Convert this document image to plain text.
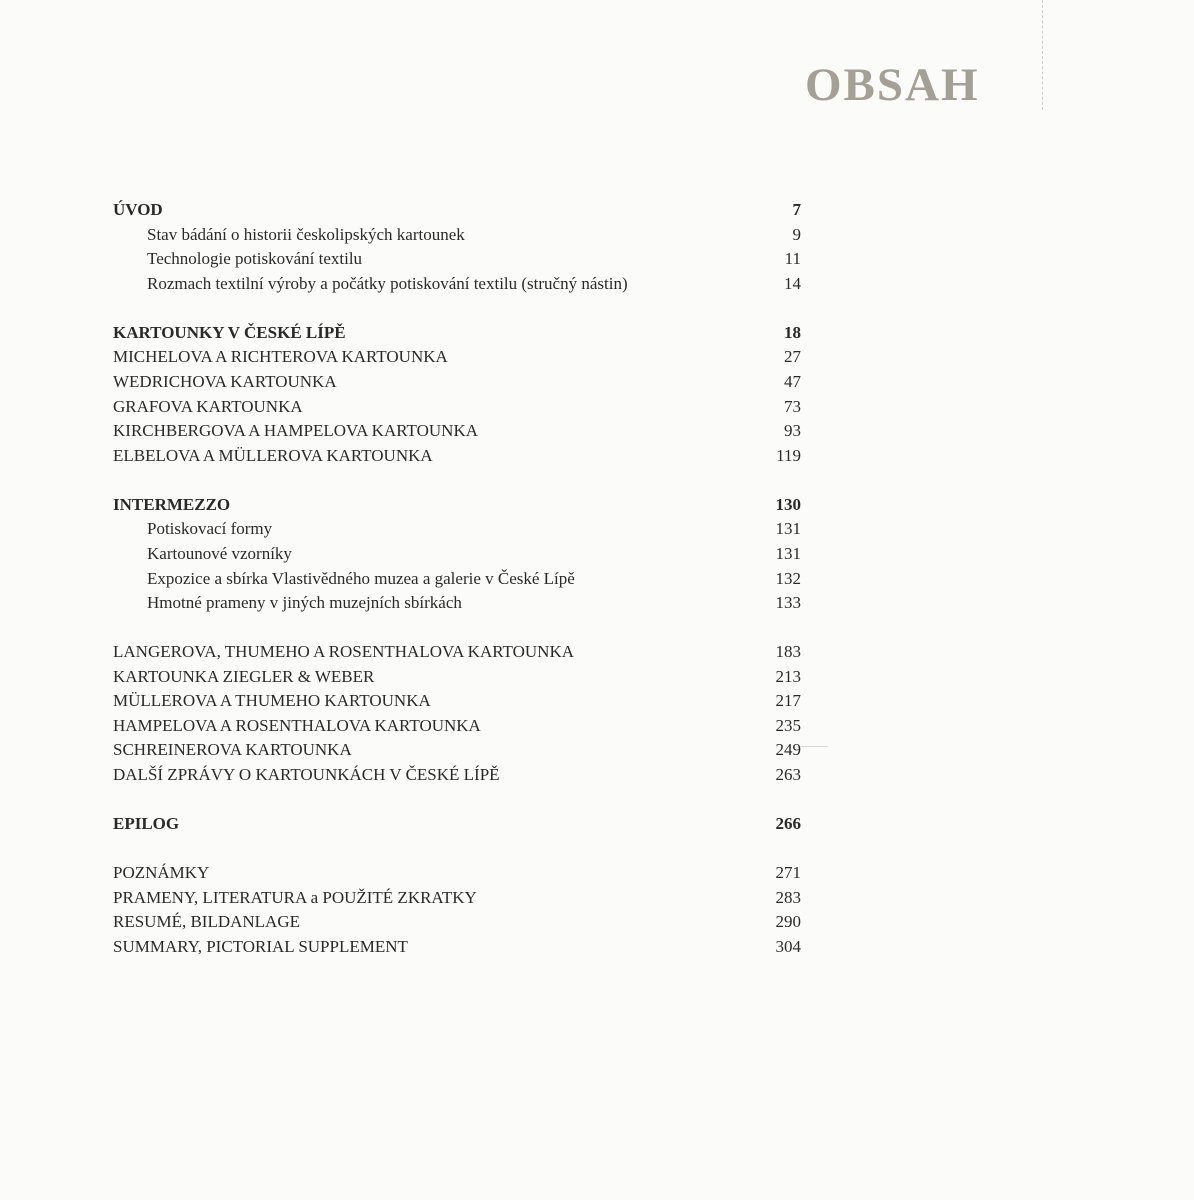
OBSAH
ÚVOD	7
Stav bádání o historii českolipských kartounek	9
Technologie potiskování textilu	11
Rozmach textilní výroby a počátky potiskování textilu (stručný nástin)	14
KARTOUNKY V ČESKÉ LÍPĚ	18
MICHELOVA A RICHTEROVA KARTOUNKA	27
WEDRICHOVA KARTOUNKA	47
GRAFOVA KARTOUNKA	73
KIRCHBERGOVA A HAMPELOVA KARTOUNKA	93
ELBELOVA A MÜLLEROVA KARTOUNKA	119
INTERMEZZO	130
Potiskovací formy	131
Kartounové vzorníky	131
Expozice a sbírka Vlastivědného muzea a galerie v České Lípě	132
Hmotné prameny v jiných muzejních sbírkách	133
LANGEROVA, THUMEHO A ROSENTHALOVA KARTOUNKA	183
KARTOUNKA ZIEGLER & WEBER	213
MÜLLEROVA A THUMEHO KARTOUNKA	217
HAMPELOVA A ROSENTHALOVA KARTOUNKA	235
SCHREINEROVA KARTOUNKA	249
DALŠÍ ZPRÁVY O KARTOUNKÁCH V ČESKÉ LÍPĚ	263
EPILOG	266
POZNÁMKY	271
PRAMENY, LITERATURA a POUŽITÉ ZKRATKY	283
RESUMÉ, BILDANLAGE	290
SUMMARY, PICTORIAL SUPPLEMENT	304
